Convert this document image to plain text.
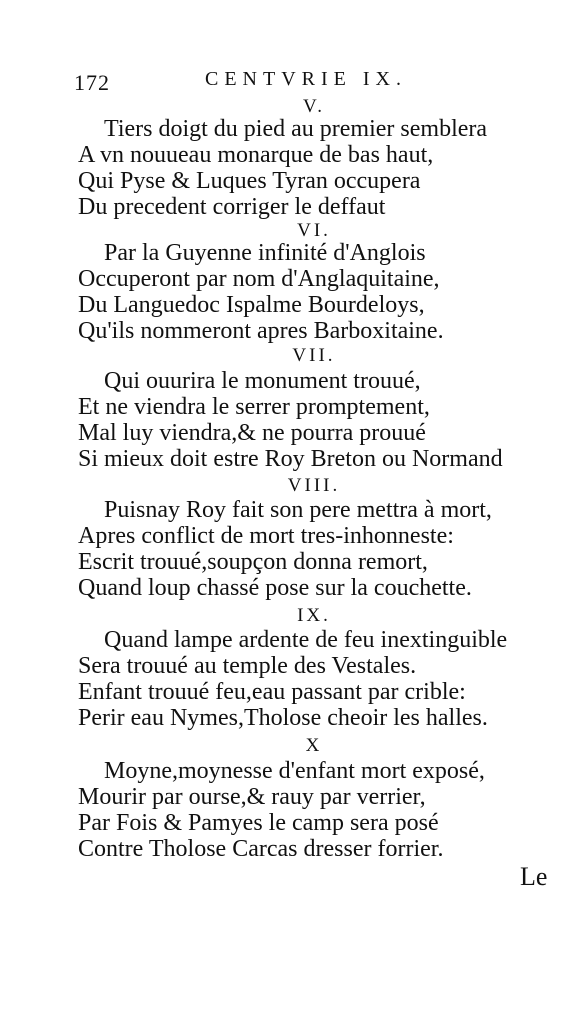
172	CENTVRIE IX.
V.
Tiers doigt du pied au premier semblera
A vn nouueau monarque de bas haut,
Qui Pyse & Luques Tyran occupera
Du precedent corriger le deffaut
VI.
Par la Guyenne infinité d'Anglois
Occuperont par nom d'Anglaquitaine,
Du Languedoc Ispalme Bourdeloys,
Qu'ils nommeront apres Barboxitaine.
VII.
Qui ouurira le monument trouué,
Et ne viendra le serrer promptement,
Mal luy viendra,& ne pourra prouué
Si mieux doit estre Roy Breton ou Normand
VIII.
Puisnay Roy fait son pere mettra à mort,
Apres conflict de mort tres-inhonneste:
Escrit trouué,soupçon donna remort,
Quand loup chassé pose sur la couchette.
IX.
Quand lampe ardente de feu inextinguible
Sera trouué au temple des Vestales.
Enfant trouué feu,eau passant par crible:
Perir eau Nymes,Tholose cheoir les halles.
X
Moyne,moynesse d'enfant mort exposé,
Mourir par ourse,& rauy par verrier,
Par Fois & Pamyes le camp sera posé
Contre Tholose Carcas dresser forrier.
Le
